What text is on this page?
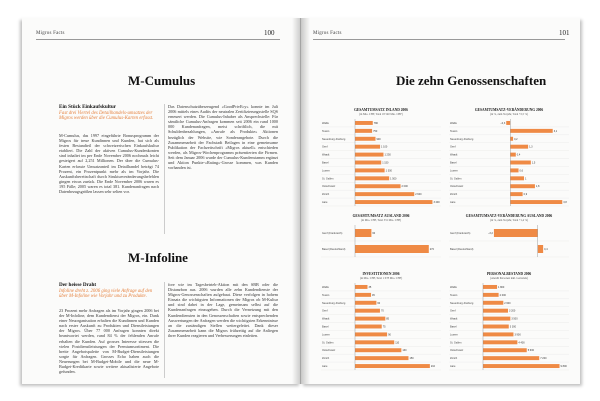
Migros Facts	100
M-Cumulus
Ein Stück Einkaufskultur
Fast drei Viertel des Detailhandels-umsatzes der Migros werden über die Cumulus-Karten erfasst.
M-Cumulus, das 1997 eingeführte Bonusprogramm der Migros für treue Kundinnen und Kunden, hat sich als festen Bestandteil der schweizerischen Einkaufskultur etabliert. Die Zahl der aktiven Cumulus-Kundenkonten sind inhaltet im per Ende November 2006 nochmals leicht gesteigert auf 2,251 Millionen. Der über die Cumulus-Karten erfasste Umsatzanteil im Detailhandel beträgt 74 Prozent, ein Prozentpunkt mehr als im Vorjahr. Die Auskunftsbereitschaft durch Strukturveränderungsbefehlen gingen etwas zurück. Die Ende November 2006 waren es 195 Fälle; 2005 waren es total 381. Kundenanfragen nach Datenbezugsgrößen lassen sehr selten vor.
Das Datenschutzüberzeugend «GoodPrivEcy» konnte im Juli 2006 mittels eines Audits der neutralen Zertifizierungsstelle SQS erneuert werden. Die Cumulus-Inhaber als Ansprechstelle: Für sämtliche Cumulus-Anfragen kommen seit 2006 ein rund 1000 000 Kundenanfragen, meist schriftlich, die mit Schuldenbezahlungen, «Anrufe als Produkte» Aktionen bezüglich der Website, wie Sonderangebote. Durch die Zusammenarbeit der Fachstadt Beilagen in eine gemeinsame Publikation der Fachzeitschrift «Migros aktuell» entschieden werden, als Migros-Wochenprogramm präsentierten die Firmen. Seit dem Januar 2006 wurde der Cumulus-Kundenstamm ergänzt und Aktion Punkte-«Rating»-Grosse kommen, was Kunden vorhanden ist.
M-Infoline
Der heisse Draht
Infoline dreht z. 2006 ging viele Anfrage auf den über M-Infoline wie Vorjahr und zu Produkte.
23 Prozent mehr Anfragen als im Vorjahr gingen 2006 bei der M-Infoline, dem Kundendienst der Migros, ein. Dank einer Neuorganisation erhalten die Kundinnen und Kunden nach erster Auskunft zu Produkten und Dienstleistungen der Migros. Über 77 000 Anfragen konnten direkt beantwortet werden, rund 84 % der fehlenden Anrufe erhalten die Kunden. Auf grosses Interesse stiessen die vielen Postdienstleistungen der Premiumsortiment. Die breite Angebotspalette von M-Budget-Dienstleistungen sorgte für Anfragen. Grosses Echo haben auch die Neuerungen bei M-Budget-Mobile und die neue M-Budget-Kreditkarte sowie weitere aktualisierte Angebote gefunden.
fore wie im Tagesbetrieb-Aktion mit den SBB oder die Distanzbon aus. 2006 wurden alle zehn Kundendienste der Migros-Genossenschaften aufgebaut. Diese verfolgen in hohem Einsatz die wichtigsten Informationen der Migros ob M-Kultur und sind dabei in der Lage, gemeinsam selbst auf die Kundenanfragen einzugehen. Durch die Vernetzung mit den Kundendiensten in den Genossenschaften sowie entsprechenden Auswertungen der Anfragen werden die wichtigsten Erkenntnisse an die zuständigen Stellen weitergeleitet. Dank dieser Zusammenarbeit kann die Migros frühzeitig auf die Anliegen ihrer Kunden reagieren und Verbesserungen einleiten.
Migros Facts	101
Die zehn Genossenschaften
GESAMTUMSATZ INLAND 2006
(in Mio. CHF, Total 18 540 Mio. CHF)
Wallis	780
Tessin	750
Neuenburg-Freiburg	900
Genf	1 100
Waadt	1 250
Basel	1 150
Luzern	1 300
St. Gallen	1 500
Ostschweiz	2 000
Zürich	2 600
Aare	3 400
GESAMTUMSATZ-VERÄNDERUNG 2006
(in %, zum Vorjahr, Total +2,5 %)
Wallis	–0,3
Tessin	3,1
Neuenburg-Freiburg	0,2
Genf	1,3
Waadt	0,4
Basel	1,5
Luzern	0,6
St. Gallen	1
Ostschweiz	1,8
Zürich	0,9
Aare	3,8
GESAMTUMSATZ AUSLAND 2006
(in Mio. CHF, Total 331 Mio. CHF)
Genf (Frankreich)	60
Basel (Deutschland)	270
GESAMTUMSATZ-VERÄNDERUNG AUSLAND 2006
(in %, zum Vorjahr, Total +1,4 %)
Genf (Frankreich)	–3,2
Basel (Deutschland)	0,4
INVESTITIONEN 2006
(in Mio. CHF, Total 1 078 Mio. CHF)
Wallis	35
Tessin	45
Neuenburg-Freiburg	60
Genf	70
Waadt	85
Basel	75
Luzern	90
St. Gallen	110
Ostschweiz	130
Zürich	150
Aare	210
PERSONALBESTAND 2006
(Anzahl Personen inkl. Lernende)
Wallis	1 800
Tessin	2 000
Neuenburg-Freiburg	2 600
Genf	3 200
Waadt	3 500
Basel	3 300
Luzern	3 900
St. Gallen	4 400
Ostschweiz	5 600
Zürich	7 200
Aare	9 800
